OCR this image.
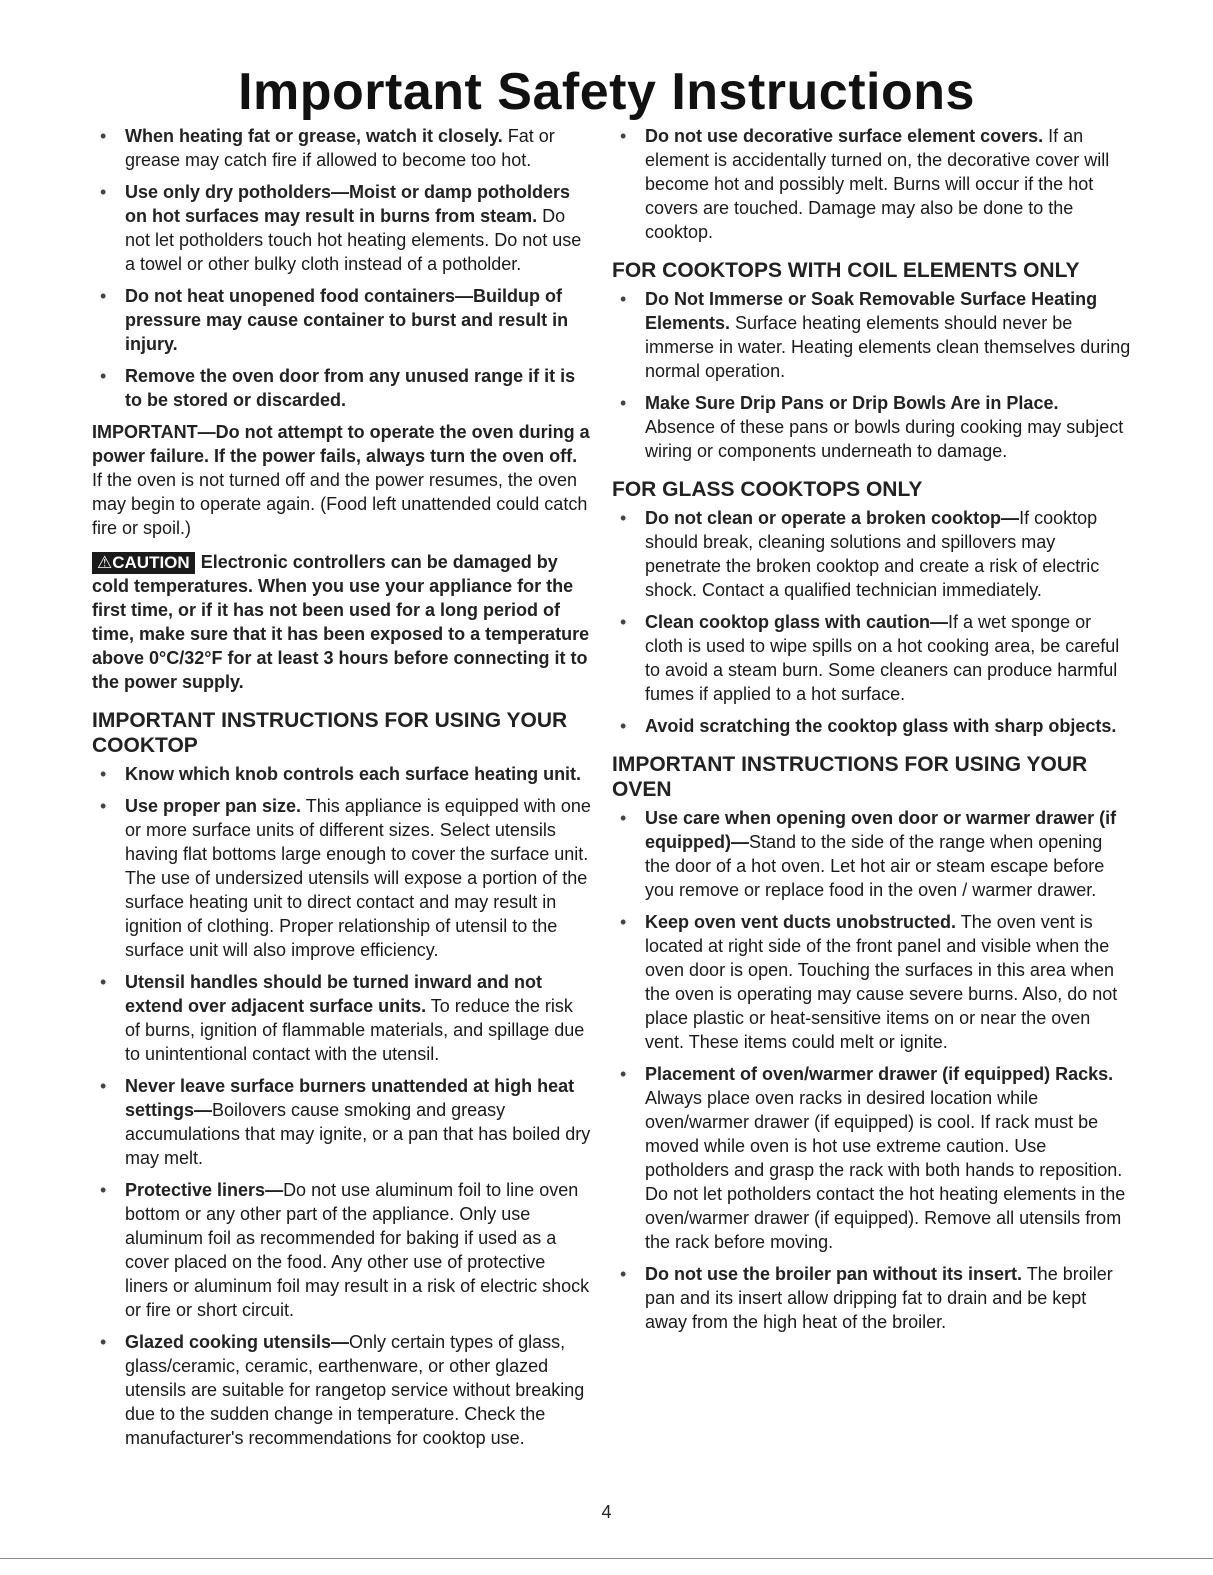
Important Safety Instructions
• When heating fat or grease, watch it closely. Fat or grease may catch fire if allowed to become too hot.
• Use only dry potholders—Moist or damp potholders on hot surfaces may result in burns from steam. Do not let potholders touch hot heating elements. Do not use a towel or other bulky cloth instead of a potholder.
• Do not heat unopened food containers—Buildup of pressure may cause container to burst and result in injury.
• Remove the oven door from any unused range if it is to be stored or discarded.

IMPORTANT—Do not attempt to operate the oven during a power failure. If the power fails, always turn the oven off. If the oven is not turned off and the power resumes, the oven may begin to operate again. (Food left unattended could catch fire or spoil.)

⚠CAUTION Electronic controllers can be damaged by cold temperatures. When you use your appliance for the first time, or if it has not been used for a long period of time, make sure that it has been exposed to a temperature above 0°C/32°F for at least 3 hours before connecting it to the power supply.

IMPORTANT INSTRUCTIONS FOR USING YOUR COOKTOP
• Know which knob controls each surface heating unit.
• Use proper pan size. This appliance is equipped with one or more surface units of different sizes. Select utensils having flat bottoms large enough to cover the surface unit. The use of undersized utensils will expose a portion of the surface heating unit to direct contact and may result in ignition of clothing. Proper relationship of utensil to the surface unit will also improve efficiency.
• Utensil handles should be turned inward and not extend over adjacent surface units. To reduce the risk of burns, ignition of flammable materials, and spillage due to unintentional contact with the utensil.
• Never leave surface burners unattended at high heat settings—Boilovers cause smoking and greasy accumulations that may ignite, or a pan that has boiled dry may melt.
• Protective liners—Do not use aluminum foil to line oven bottom or any other part of the appliance. Only use aluminum foil as recommended for baking if used as a cover placed on the food. Any other use of protective liners or aluminum foil may result in a risk of electric shock or fire or short circuit.
• Glazed cooking utensils—Only certain types of glass, glass/ceramic, ceramic, earthenware, or other glazed utensils are suitable for rangetop service without breaking due to the sudden change in temperature. Check the manufacturer's recommendations for cooktop use.
• Do not use decorative surface element covers. If an element is accidentally turned on, the decorative cover will become hot and possibly melt. Burns will occur if the hot covers are touched. Damage may also be done to the cooktop.
FOR COOKTOPS WITH COIL ELEMENTS ONLY
• Do Not Immerse or Soak Removable Surface Heating Elements. Surface heating elements should never be immerse in water. Heating elements clean themselves during normal operation.
• Make Sure Drip Pans or Drip Bowls Are in Place. Absence of these pans or bowls during cooking may subject wiring or components underneath to damage.
FOR GLASS COOKTOPS ONLY
• Do not clean or operate a broken cooktop—If cooktop should break, cleaning solutions and spillovers may penetrate the broken cooktop and create a risk of electric shock. Contact a qualified technician immediately.
• Clean cooktop glass with caution—If a wet sponge or cloth is used to wipe spills on a hot cooking area, be careful to avoid a steam burn. Some cleaners can produce harmful fumes if applied to a hot surface.
• Avoid scratching the cooktop glass with sharp objects.
IMPORTANT INSTRUCTIONS FOR USING YOUR OVEN
• Use care when opening oven door or warmer drawer (if equipped)—Stand to the side of the range when opening the door of a hot oven. Let hot air or steam escape before you remove or replace food in the oven / warmer drawer.
• Keep oven vent ducts unobstructed. The oven vent is located at right side of the front panel and visible when the oven door is open. Touching the surfaces in this area when the oven is operating may cause severe burns. Also, do not place plastic or heat-sensitive items on or near the oven vent. These items could melt or ignite.
• Placement of oven/warmer drawer (if equipped) Racks. Always place oven racks in desired location while oven/warmer drawer (if equipped) is cool. If rack must be moved while oven is hot use extreme caution. Use potholders and grasp the rack with both hands to reposition. Do not let potholders contact the hot heating elements in the oven/warmer drawer (if equipped). Remove all utensils from the rack before moving.
• Do not use the broiler pan without its insert. The broiler pan and its insert allow dripping fat to drain and be kept away from the high heat of the broiler.
4
